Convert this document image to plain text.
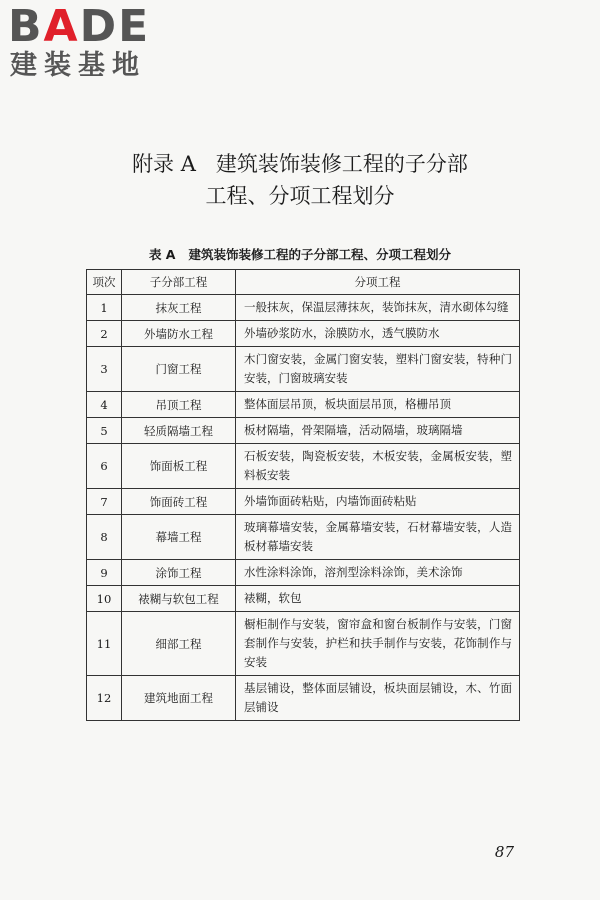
BADE
建装基地
附录 A   建筑装饰装修工程的子分部
工程、分项工程划分
表 A   建筑装饰装修工程的子分部工程、分项工程划分
项次	子分部工程	分项工程
1	抹灰工程	一般抹灰，保温层薄抹灰，装饰抹灰，清水砌体勾缝
2	外墙防水工程	外墙砂浆防水，涂膜防水，透气膜防水
3	门窗工程	木门窗安装，金属门窗安装，塑料门窗安装，特种门安装，门窗玻璃安装
4	吊顶工程	整体面层吊顶，板块面层吊顶，格栅吊顶
5	轻质隔墙工程	板材隔墙，骨架隔墙，活动隔墙，玻璃隔墙
6	饰面板工程	石板安装，陶瓷板安装，木板安装，金属板安装，塑料板安装
7	饰面砖工程	外墙饰面砖粘贴，内墙饰面砖粘贴
8	幕墙工程	玻璃幕墙安装，金属幕墙安装，石材幕墙安装，人造板材幕墙安装
9	涂饰工程	水性涂料涂饰，溶剂型涂料涂饰，美术涂饰
10	裱糊与软包工程	裱糊，软包
11	细部工程	橱柜制作与安装，窗帘盒和窗台板制作与安装，门窗套制作与安装，护栏和扶手制作与安装，花饰制作与安装
12	建筑地面工程	基层铺设，整体面层铺设，板块面层铺设，木、竹面层铺设
87
